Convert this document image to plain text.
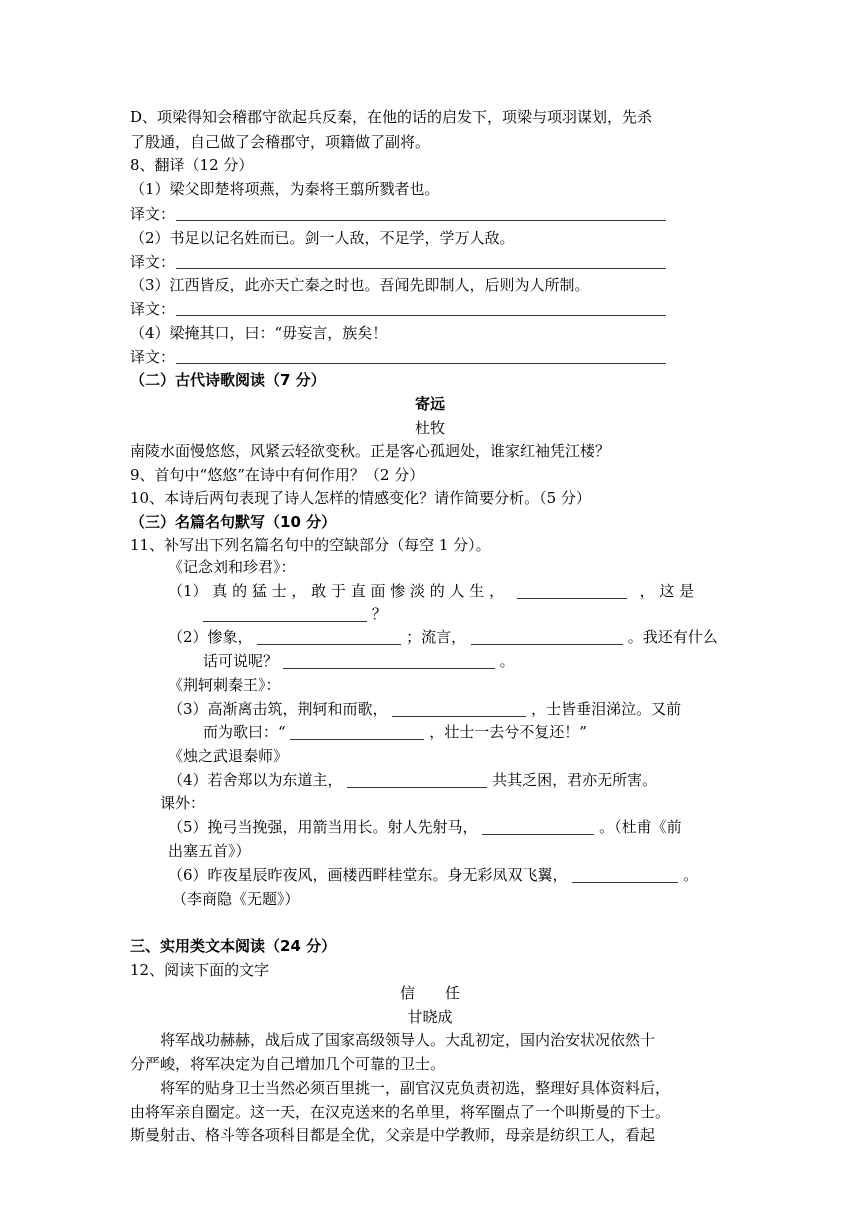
D、项梁得知会稽郡守欲起兵反秦，在他的话的启发下，项梁与项羽谋划，先杀
了殷通，自己做了会稽郡守，项籍做了副将。
8、翻译（12 分）
（1）梁父即楚将项燕，为秦将王翦所戮者也。
译文：
（2）书足以记名姓而已。剑一人敌，不足学，学万人敌。
译文：
（3）江西皆反，此亦天亡秦之时也。吾闻先即制人，后则为人所制。
译文：
（4）梁掩其口，曰：“毋妄言，族矣！
译文：
（二）古代诗歌阅读（7 分）
寄远
杜牧
南陵水面慢悠悠，风紧云轻欲变秋。正是客心孤迥处，谁家红袖凭江楼？
9、首句中“悠悠”在诗中有何作用？（2 分）
10、本诗后两句表现了诗人怎样的情感变化？请作简要分析。（5 分）
（三）名篇名句默写（10 分）
11、补写出下列名篇名句中的空缺部分（每空 1 分）。
《记念刘和珍君》：
（1） 真 的 猛 士 ， 敢 于 直 面 惨 淡 的 人 生 ，	， 这 是
？
（2）惨象，	；流言，	。我还有什么
话可说呢？	。
《荆轲刺秦王》：
（3）高渐离击筑，荆轲和而歌，	，士皆垂泪涕泣。又前
而为歌曰：“	，壮士一去兮不复还！”
《烛之武退秦师》
（4）若舍郑以为东道主，	共其乏困，君亦无所害。
课外：
（5）挽弓当挽强，用箭当用长。射人先射马，	。（杜甫《前
出塞五首》）
（6）昨夜星辰昨夜风，画楼西畔桂堂东。身无彩凤双飞翼，	。
（李商隐《无题》）
三、实用类文本阅读（24 分）
12、阅读下面的文字
信　　任
甘晓成
将军战功赫赫，战后成了国家高级领导人。大乱初定，国内治安状况依然十
分严峻，将军决定为自己增加几个可靠的卫士。
将军的贴身卫士当然必须百里挑一，副官汉克负责初选，整理好具体资料后，
由将军亲自圈定。这一天，在汉克送来的名单里，将军圈点了一个叫斯曼的下士。
斯曼射击、格斗等各项科目都是全优，父亲是中学教师，母亲是纺织工人，看起
